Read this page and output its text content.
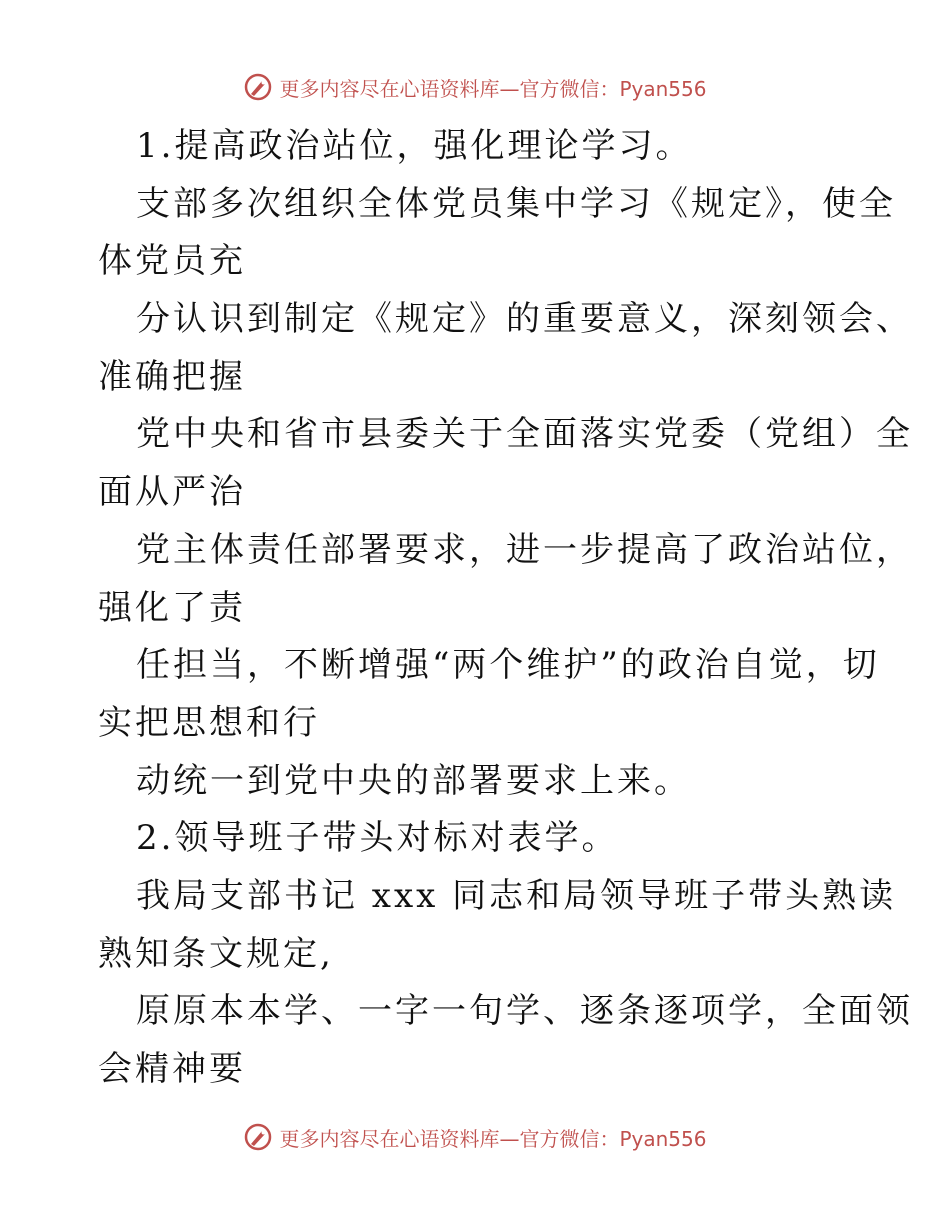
更多内容尽在心语资料库—官方微信：Pyan556
1.提高政治站位，强化理论学习。
支部多次组织全体党员集中学习《规定》，使全
体党员充
分认识到制定《规定》的重要意义，深刻领会、
准确把握
党中央和省市县委关于全面落实党委（党组）全
面从严治
党主体责任部署要求，进一步提高了政治站位，
强化了责
任担当，不断增强“两个维护”的政治自觉，切
实把思想和行
动统一到党中央的部署要求上来。
2.领导班子带头对标对表学。
我局支部书记 xxx 同志和局领导班子带头熟读
熟知条文规定,
原原本本学、一字一句学、逐条逐项学，全面领
会精神要
更多内容尽在心语资料库—官方微信：Pyan556
